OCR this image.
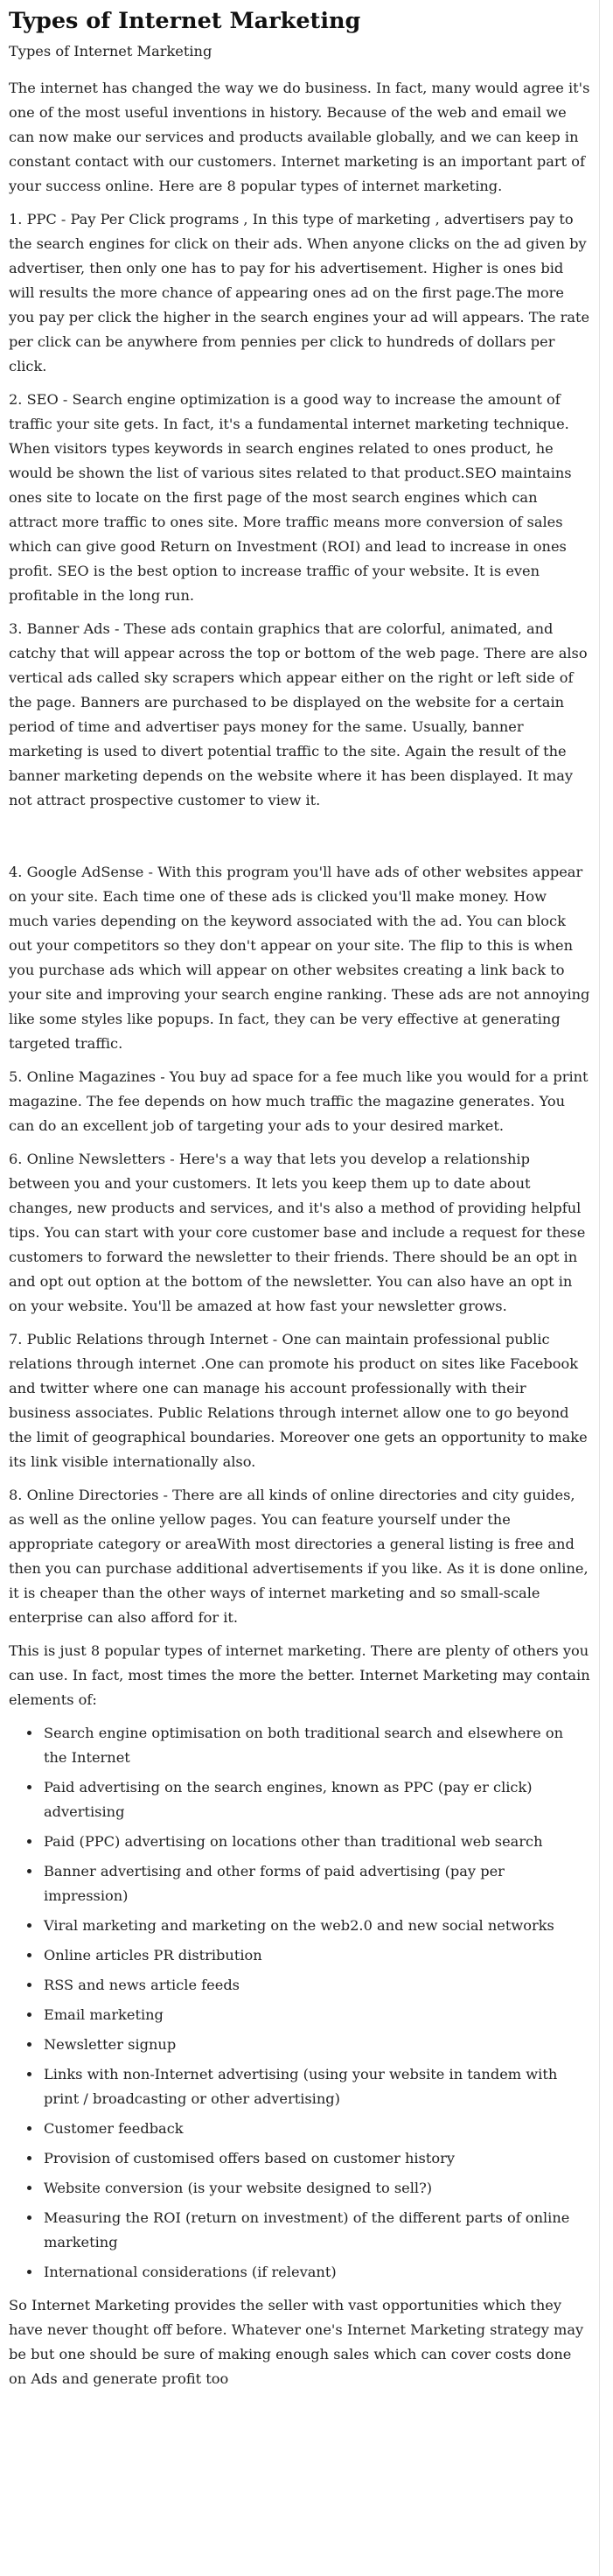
Types of Internet Marketing
Types of Internet Marketing

The internet has changed the way we do business. In fact, many would agree it's one of the most useful inventions in history. Because of the web and email we can now make our services and products available globally, and we can keep in constant contact with our customers. Internet marketing is an important part of your success online. Here are 8 popular types of internet marketing.

1. PPC - Pay Per Click programs , In this type of marketing , advertisers pay to the search engines for click on their ads. When anyone clicks on the ad given by advertiser, then only one has to pay for his advertisement. Higher is ones bid will results the more chance of appearing ones ad on the first page.The more you pay per click the higher in the search engines your ad will appears. The rate per click can be anywhere from pennies per click to hundreds of dollars per click.

2. SEO - Search engine optimization is a good way to increase the amount of traffic your site gets. In fact, it's a fundamental internet marketing technique. When visitors types keywords in search engines related to ones product, he would be shown the list of various sites related to that product.SEO maintains ones site to locate on the first page of the most search engines which can attract more traffic to ones site. More traffic means more conversion of sales which can give good Return on Investment (ROI) and lead to increase in ones profit. SEO is the best option to increase traffic of your website. It is even profitable in the long run.

3. Banner Ads - These ads contain graphics that are colorful, animated, and catchy that will appear across the top or bottom of the web page. There are also vertical ads called sky scrapers which appear either on the right or left side of the page. Banners are purchased to be displayed on the website for a certain period of time and advertiser pays money for the same. Usually, banner marketing is used to divert potential traffic to the site. Again the result of the banner marketing depends on the website where it has been displayed. It may not attract prospective customer to view it.

4. Google AdSense - With this program you'll have ads of other websites appear on your site. Each time one of these ads is clicked you'll make money. How much varies depending on the keyword associated with the ad. You can block out your competitors so they don't appear on your site. The flip to this is when you purchase ads which will appear on other websites creating a link back to your site and improving your search engine ranking. These ads are not annoying like some styles like popups. In fact, they can be very effective at generating targeted traffic.

5. Online Magazines - You buy ad space for a fee much like you would for a print magazine. The fee depends on how much traffic the magazine generates. You can do an excellent job of targeting your ads to your desired market.

6. Online Newsletters - Here's a way that lets you develop a relationship between you and your customers. It lets you keep them up to date about changes, new products and services, and it's also a method of providing helpful tips. You can start with your core customer base and include a request for these customers to forward the newsletter to their friends. There should be an opt in and opt out option at the bottom of the newsletter. You can also have an opt in on your website. You'll be amazed at how fast your newsletter grows.

7. Public Relations through Internet - One can maintain professional public relations through internet .One can promote his product on sites like Facebook and twitter where one can manage his account professionally with their business associates. Public Relations through internet allow one to go beyond the limit of geographical boundaries. Moreover one gets an opportunity to make its link visible internationally also.

8. Online Directories - There are all kinds of online directories and city guides, as well as the online yellow pages. You can feature yourself under the appropriate category or areaWith most directories a general listing is free and then you can purchase additional advertisements if you like. As it is done online, it is cheaper than the other ways of internet marketing and so small-scale enterprise can also afford for it.

This is just 8 popular types of internet marketing. There are plenty of others you can use. In fact, most times the more the better. Internet Marketing may contain elements of:

• Search engine optimisation on both traditional search and elsewhere on the Internet
• Paid advertising on the search engines, known as PPC (pay er click) advertising
• Paid (PPC) advertising on locations other than traditional web search
• Banner advertising and other forms of paid advertising (pay per impression)
• Viral marketing and marketing on the web2.0 and new social networks
• Online articles PR distribution
• RSS and news article feeds
• Email marketing
• Newsletter signup
• Links with non-Internet advertising (using your website in tandem with print / broadcasting or other advertising)
• Customer feedback
• Provision of customised offers based on customer history
• Website conversion (is your website designed to sell?)
• Measuring the ROI (return on investment) of the different parts of online marketing
• International considerations (if relevant)

So Internet Marketing provides the seller with vast opportunities which they have never thought off before. Whatever one's Internet Marketing strategy may be but one should be sure of making enough sales which can cover costs done on Ads and generate profit too
